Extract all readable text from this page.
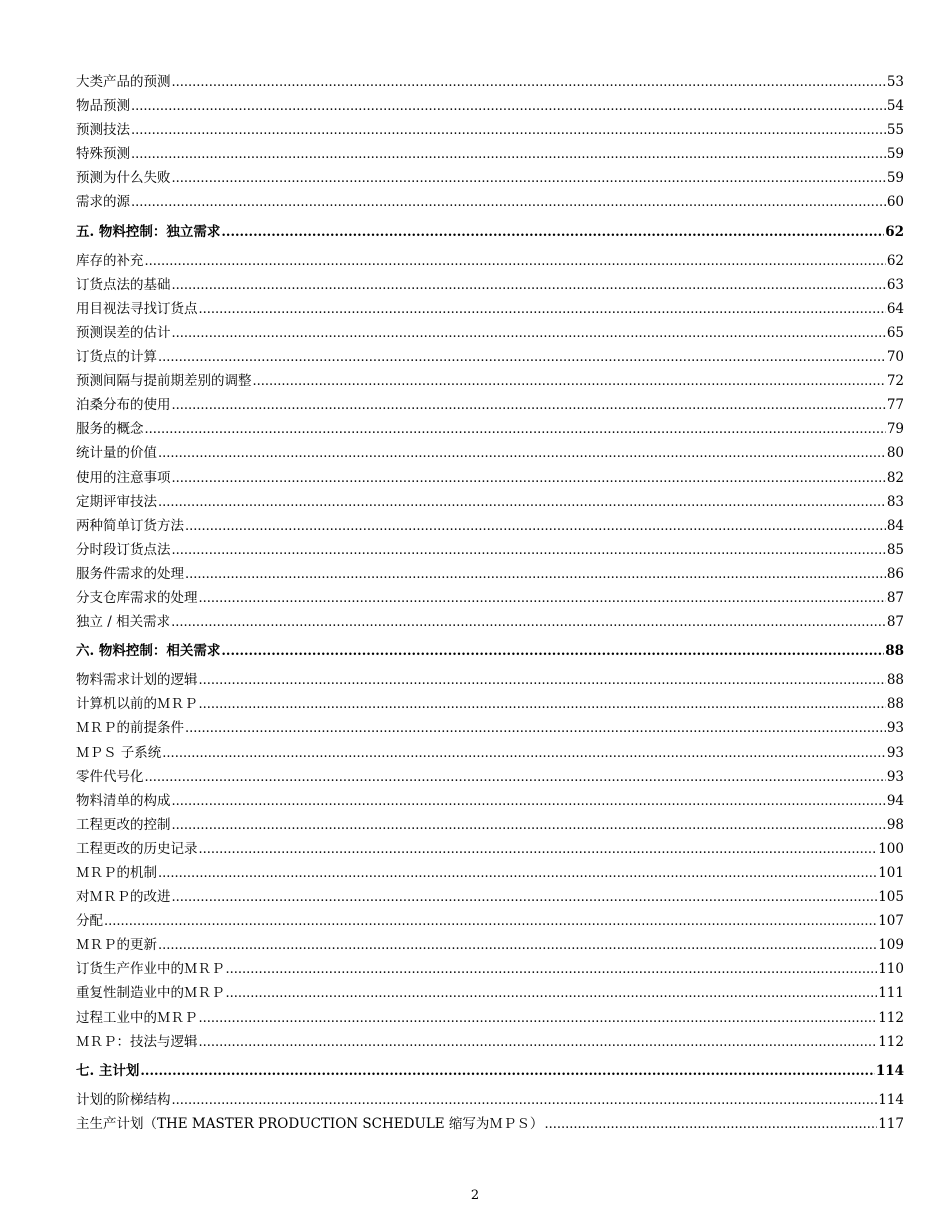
大类产品的预测 .....	53
物品预测 .....	54
预测技法 .....	55
特殊预测 .....	59
预测为什么失败 .....	59
需求的源 .....	60
五. 物料控制：独立需求 .....	62
库存的补充 .....	62
订货点法的基础 .....	63
用目视法寻找订货点 .....	64
预测误差的估计 .....	65
订货点的计算 .....	70
预测间隔与提前期差别的调整 .....	72
泊桑分布的使用 .....	77
服务的概念 .....	79
统计量的价值 .....	80
使用的注意事项 .....	82
定期评审技法 .....	83
两种简单订货方法 .....	84
分时段订货点法 .....	85
服务件需求的处理 .....	86
分支仓库需求的处理 .....	87
独立 / 相关需求 .....	87
六. 物料控制：相关需求 .....	88
物料需求计划的逻辑 .....	88
计算机以前的ＭＲＰ .....	88
ＭＲＰ的前提条件 .....	93
ＭＰＳ 子系统 .....	93
零件代号化 .....	93
物料清单的构成 .....	94
工程更改的控制 .....	98
工程更改的历史记录 .....	100
ＭＲＰ的机制 .....	101
对ＭＲＰ的改进 .....	105
分配 .....	107
ＭＲＰ的更新 .....	109
订货生产作业中的ＭＲＰ .....	110
重复性制造业中的ＭＲＰ .....	111
过程工业中的ＭＲＰ .....	112
ＭＲＰ：技法与逻辑 .....	112
七. 主计划 .....	114
计划的阶梯结构 .....	114
主生产计划（THE MASTER PRODUCTION SCHEDULE 缩写为ＭＰＳ） .....	117
2
